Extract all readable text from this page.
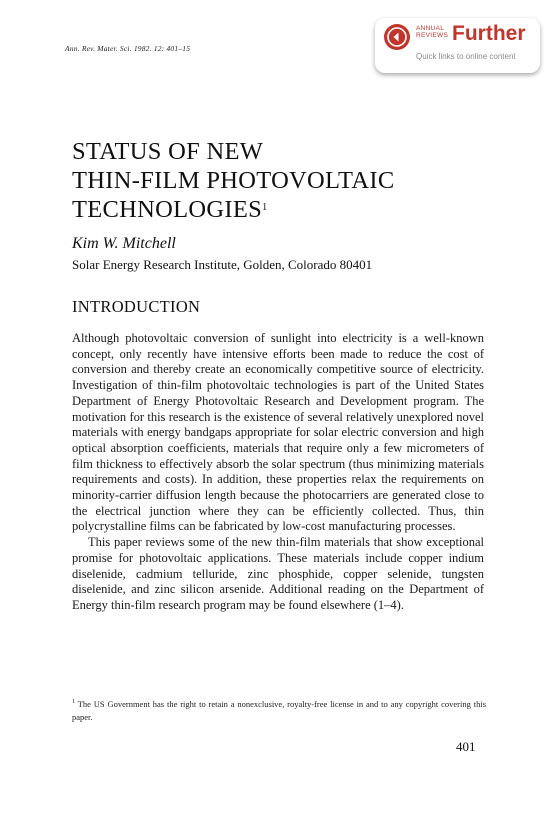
Ann. Rev. Mater. Sci. 1982. 12: 401–15
ANNUAL
REVIEWS Further
Quick links to online content
STATUS OF NEW
THIN-FILM PHOTOVOLTAIC
TECHNOLOGIES$^1$
Kim W. Mitchell
Solar Energy Research Institute, Golden, Colorado 80401
INTRODUCTION

Although photovoltaic conversion of sunlight into electricity is a well-known concept, only recently have intensive efforts been made to reduce the cost of conversion and thereby create an economically competitive source of electricity. Investigation of thin-film photovoltaic technologies is part of the United States Department of Energy Photovoltaic Research and Development program. The motivation for this research is the existence of several relatively unexplored novel materials with energy bandgaps appropriate for solar electric conversion and high optical absorption coefficients, materials that require only a few micrometers of film thickness to effectively absorb the solar spectrum (thus minimizing materials requirements and costs). In addition, these properties relax the requirements on minority-carrier diffusion length because the photocarriers are generated close to the electrical junction where they can be efficiently collected. Thus, thin polycrystalline films can be fabricated by low-cost manufacturing processes.

This paper reviews some of the new thin-film materials that show exceptional promise for photovoltaic applications. These materials include copper indium diselenide, cadmium telluride, zinc phosphide, copper selenide, tungsten diselenide, and zinc silicon arsenide. Additional reading on the Department of Energy thin-film research program may be found elsewhere (1–4).

$^1$ The US Government has the right to retain a nonexclusive, royalty-free license in and to any copyright covering this paper.

401
